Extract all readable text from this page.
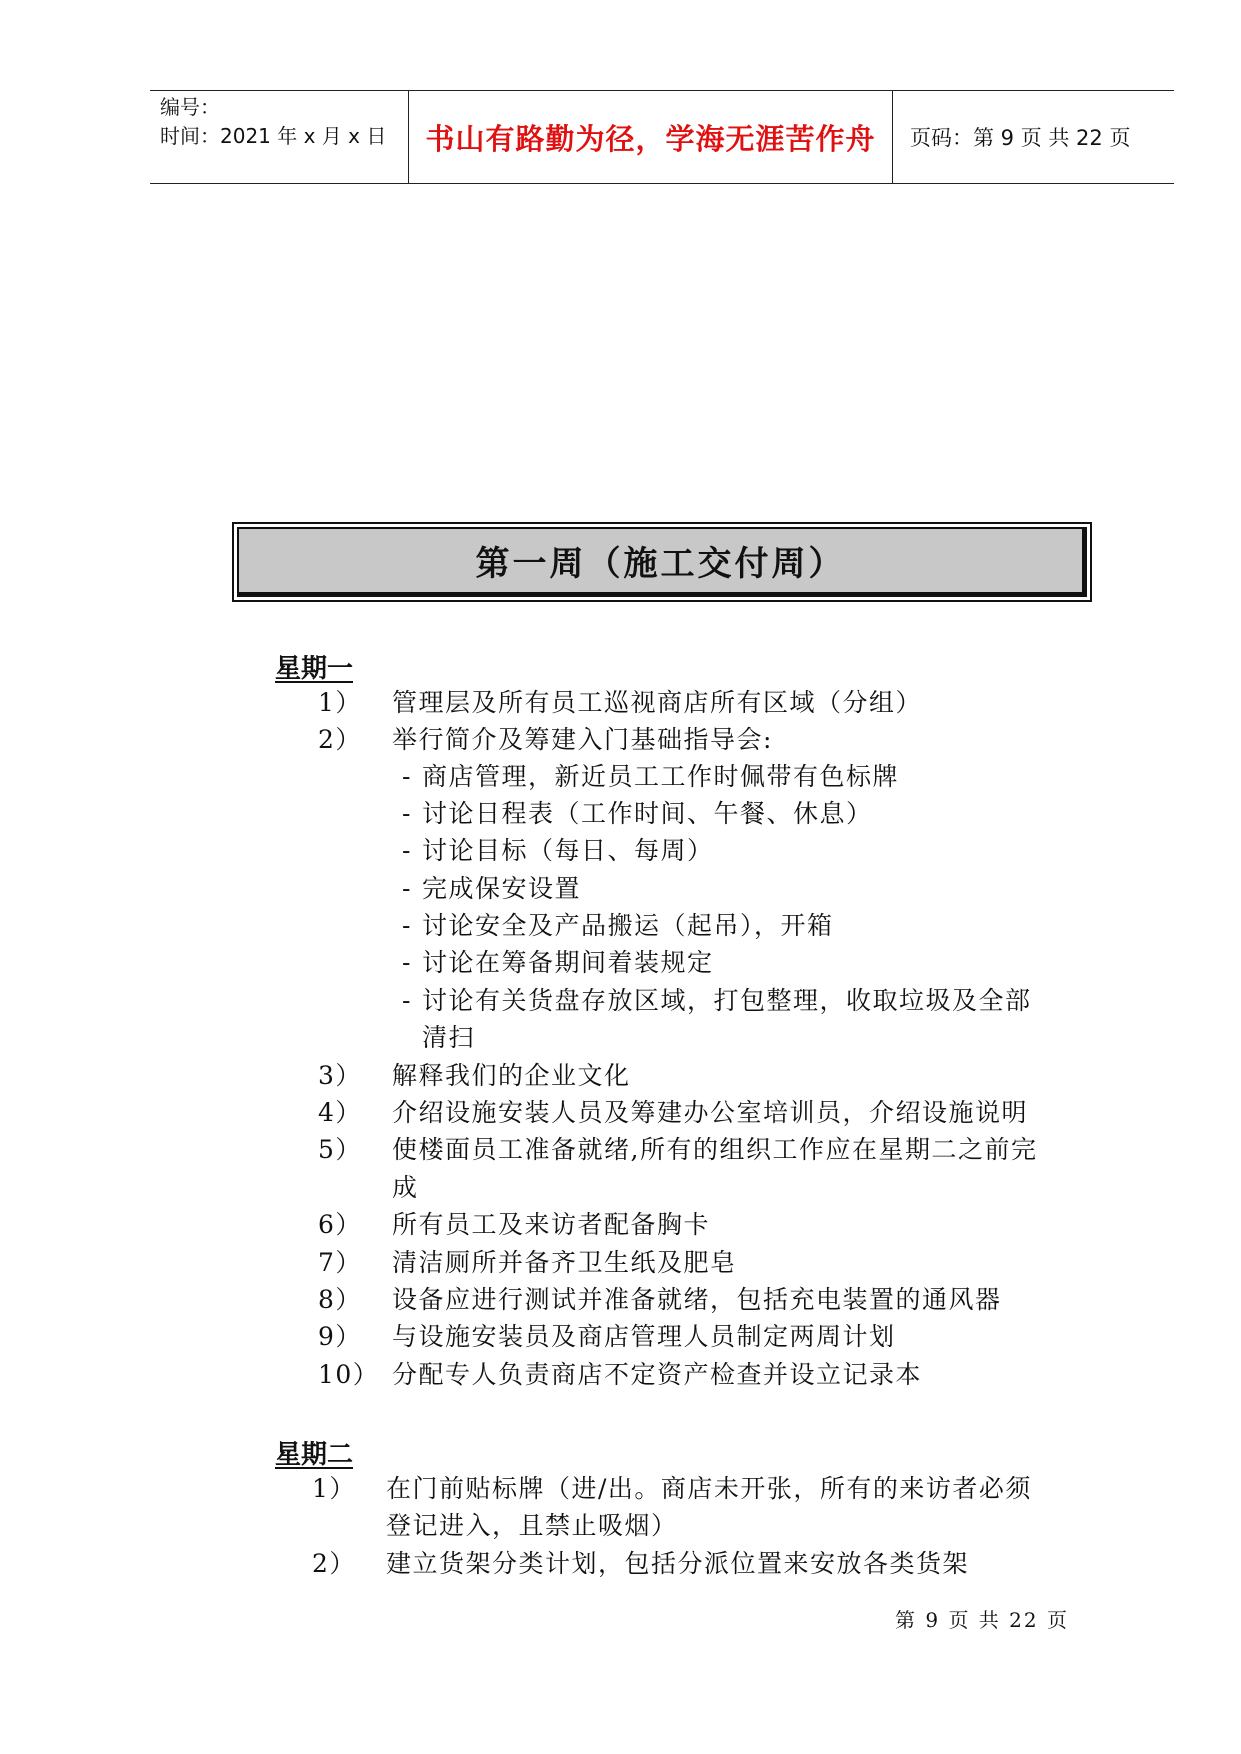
编号：
时间：2021 年 x 月 x 日	书山有路勤为径，学海无涯苦作舟	页码：第 9 页 共 22 页
第一周（施工交付周）
星期一
1）	管理层及所有员工巡视商店所有区域（分组）
2）	举行简介及筹建入门基础指导会:
- 商店管理，新近员工工作时佩带有色标牌
- 讨论日程表（工作时间、午餐、休息）
- 讨论目标（每日、每周）
- 完成保安设置
- 讨论安全及产品搬运（起吊），开箱
- 讨论在筹备期间着装规定
- 讨论有关货盘存放区域，打包整理，收取垃圾及全部
清扫
3）	解释我们的企业文化
4）	介绍设施安装人员及筹建办公室培训员，介绍设施说明
5）	使楼面员工准备就绪,所有的组织工作应在星期二之前完
成
6）	所有员工及来访者配备胸卡
7）	清洁厕所并备齐卫生纸及肥皂
8）	设备应进行测试并准备就绪，包括充电装置的通风器
9）	与设施安装员及商店管理人员制定两周计划
10） 分配专人负责商店不定资产检查并设立记录本
星期二
1）	在门前贴标牌（进/出。商店未开张，所有的来访者必须
登记进入，且禁止吸烟）
2）	建立货架分类计划，包括分派位置来安放各类货架
第 9 页 共 22 页
